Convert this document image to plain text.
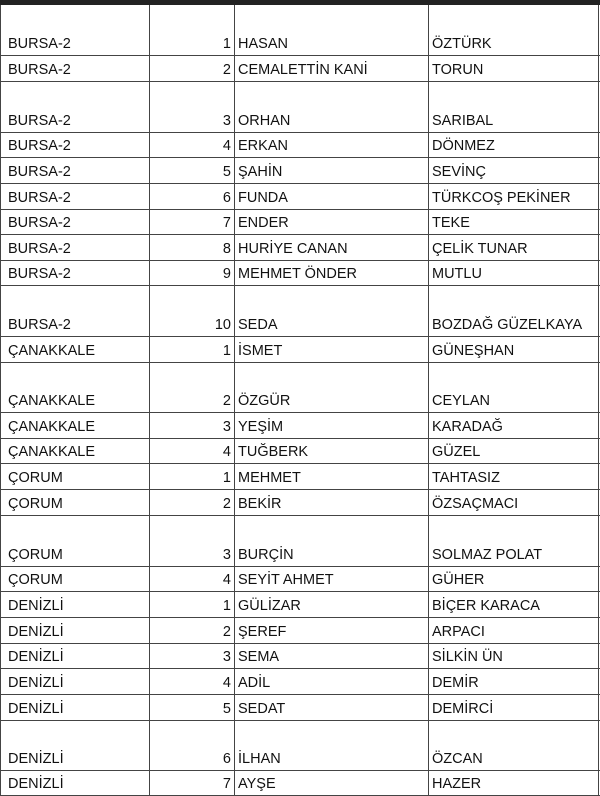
BURSA-2	1 HASAN	ÖZTÜRK
BURSA-2	2 CEMALETTİN KANİ	TORUN
BURSA-2	3 ORHAN	SARIBAL
BURSA-2	4 ERKAN	DÖNMEZ
BURSA-2	5 ŞAHİN	SEVİNÇ
BURSA-2	6 FUNDA	TÜRKCOŞ PEKİNER
BURSA-2	7 ENDER	TEKE
BURSA-2	8 HURİYE CANAN	ÇELİK TUNAR
BURSA-2	9 MEHMET ÖNDER	MUTLU
BURSA-2	10 SEDA	BOZDAĞ GÜZELKAYA
ÇANAKKALE	1 İSMET	GÜNEŞHAN
ÇANAKKALE	2 ÖZGÜR	CEYLAN
ÇANAKKALE	3 YEŞİM	KARADAĞ
ÇANAKKALE	4 TUĞBERK	GÜZEL
ÇORUM	1 MEHMET	TAHTASIZ
ÇORUM	2 BEKİR	ÖZSAÇMACI
ÇORUM	3 BURÇİN	SOLMAZ POLAT
ÇORUM	4 SEYİT AHMET	GÜHER
DENİZLİ	1 GÜLİZAR	BİÇER KARACA
DENİZLİ	2 ŞEREF	ARPACI
DENİZLİ	3 SEMA	SİLKİN ÜN
DENİZLİ	4 ADİL	DEMİR
DENİZLİ	5 SEDAT	DEMİRCİ
DENİZLİ	6 İLHAN	ÖZCAN
DENİZLİ	7 AYŞE	HAZER
